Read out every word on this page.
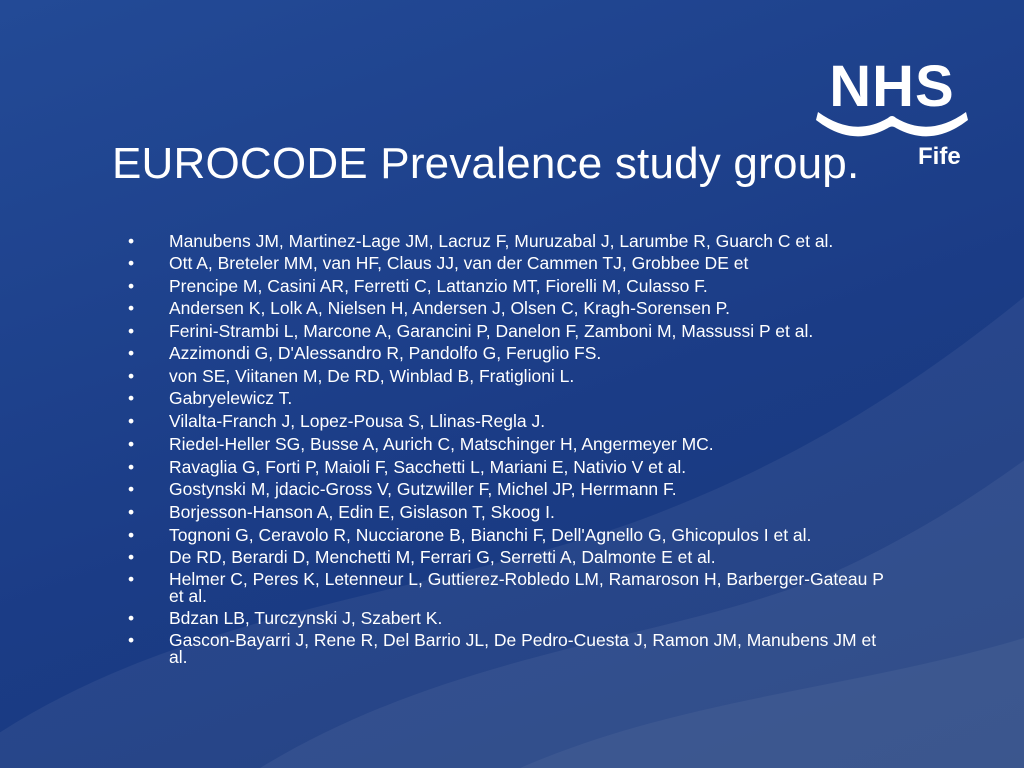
NHS
Fife
EUROCODE Prevalence study group.
• Manubens JM, Martinez-Lage JM, Lacruz F, Muruzabal J, Larumbe R, Guarch C et al.
• Ott A, Breteler MM, van HF, Claus JJ, van der Cammen TJ, Grobbee DE et
• Prencipe M, Casini AR, Ferretti C, Lattanzio MT, Fiorelli M, Culasso F.
• Andersen K, Lolk A, Nielsen H, Andersen J, Olsen C, Kragh-Sorensen P.
• Ferini-Strambi L, Marcone A, Garancini P, Danelon F, Zamboni M, Massussi P et al.
• Azzimondi G, D'Alessandro R, Pandolfo G, Feruglio FS.
• von SE, Viitanen M, De RD, Winblad B, Fratiglioni L.
• Gabryelewicz T.
• Vilalta-Franch J, Lopez-Pousa S, Llinas-Regla J.
• Riedel-Heller SG, Busse A, Aurich C, Matschinger H, Angermeyer MC.
• Ravaglia G, Forti P, Maioli F, Sacchetti L, Mariani E, Nativio V et al.
• Gostynski M, jdacic-Gross V, Gutzwiller F, Michel JP, Herrmann F.
• Borjesson-Hanson A, Edin E, Gislason T, Skoog I.
• Tognoni G, Ceravolo R, Nucciarone B, Bianchi F, Dell'Agnello G, Ghicopulos I et al.
• De RD, Berardi D, Menchetti M, Ferrari G, Serretti A, Dalmonte E et al.
• Helmer C, Peres K, Letenneur L, Guttierez-Robledo LM, Ramaroson H, Barberger-Gateau P et al.
• Bdzan LB, Turczynski J, Szabert K.
• Gascon-Bayarri J, Rene R, Del Barrio JL, De Pedro-Cuesta J, Ramon JM, Manubens JM et al.
